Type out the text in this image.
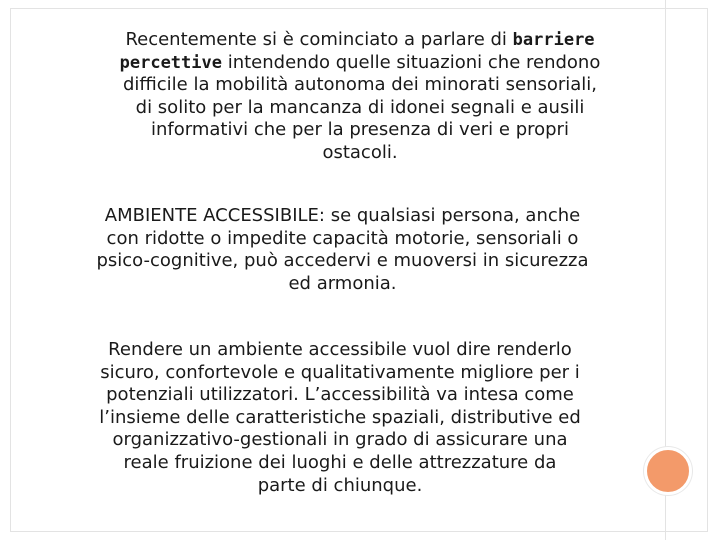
Recentemente si è cominciato a parlare di barriere
percettive intendendo quelle situazioni che rendono
difficile la mobilità autonoma dei minorati sensoriali,
di solito per la mancanza di idonei segnali e ausili
informativi che per la presenza di veri e propri
ostacoli.

AMBIENTE ACCESSIBILE: se qualsiasi persona, anche
con ridotte o impedite capacità motorie, sensoriali o
psico-cognitive, può accedervi e muoversi in sicurezza
ed armonia.

Rendere un ambiente accessibile vuol dire renderlo
sicuro, confortevole e qualitativamente migliore per i
potenziali utilizzatori. L’accessibilità va intesa come
l’insieme delle caratteristiche spaziali, distributive ed
organizzativo-gestionali in grado di assicurare una
reale fruizione dei luoghi e delle attrezzature da
parte di chiunque.
